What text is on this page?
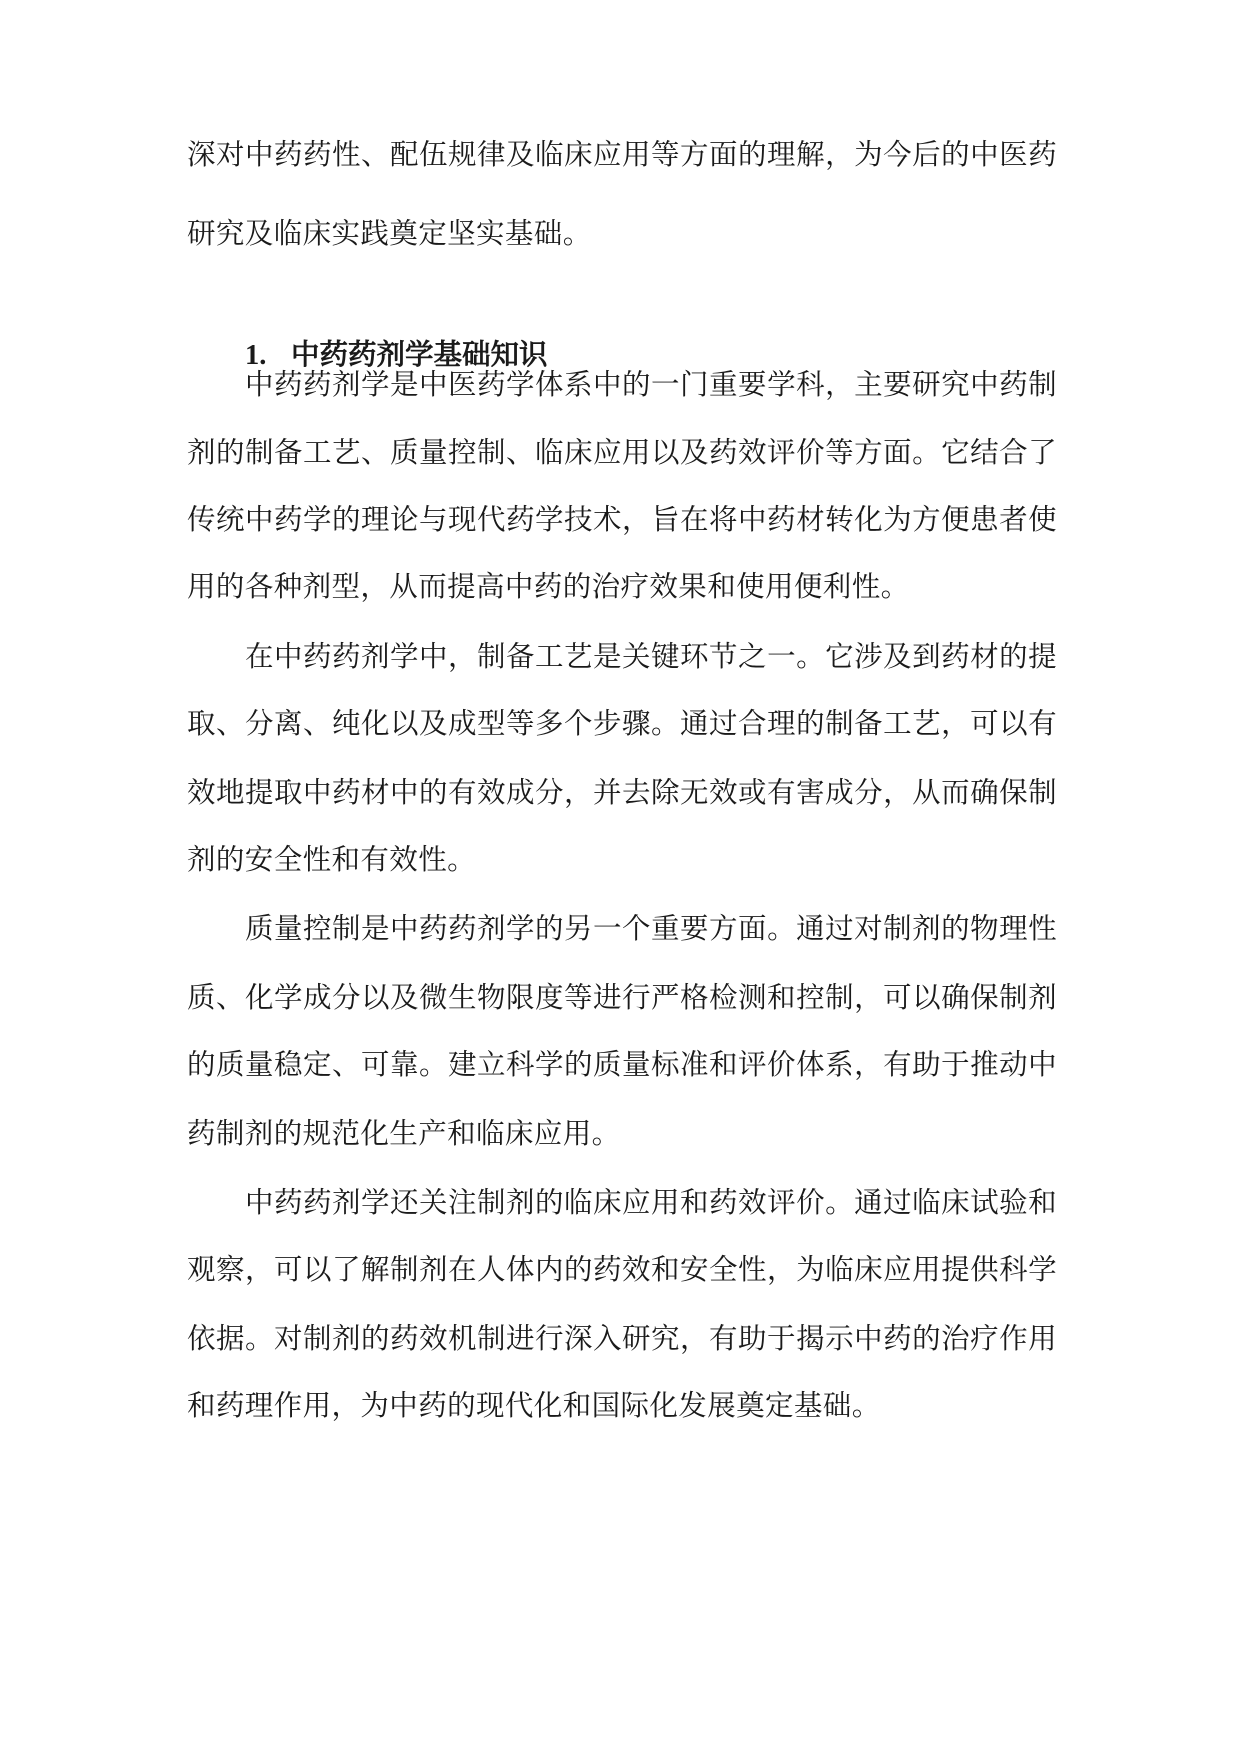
深对中药药性、配伍规律及临床应用等方面的理解，为今后的中医药
研究及临床实践奠定坚实基础。
1. 中药药剂学基础知识
中药药剂学是中医药学体系中的一门重要学科，主要研究中药制
剂的制备工艺、质量控制、临床应用以及药效评价等方面。它结合了
传统中药学的理论与现代药学技术，旨在将中药材转化为方便患者使
用的各种剂型，从而提高中药的治疗效果和使用便利性。
在中药药剂学中，制备工艺是关键环节之一。它涉及到药材的提
取、分离、纯化以及成型等多个步骤。通过合理的制备工艺，可以有
效地提取中药材中的有效成分，并去除无效或有害成分，从而确保制
剂的安全性和有效性。
质量控制是中药药剂学的另一个重要方面。通过对制剂的物理性
质、化学成分以及微生物限度等进行严格检测和控制，可以确保制剂
的质量稳定、可靠。建立科学的质量标准和评价体系，有助于推动中
药制剂的规范化生产和临床应用。
中药药剂学还关注制剂的临床应用和药效评价。通过临床试验和
观察，可以了解制剂在人体内的药效和安全性，为临床应用提供科学
依据。对制剂的药效机制进行深入研究，有助于揭示中药的治疗作用
和药理作用，为中药的现代化和国际化发展奠定基础。
